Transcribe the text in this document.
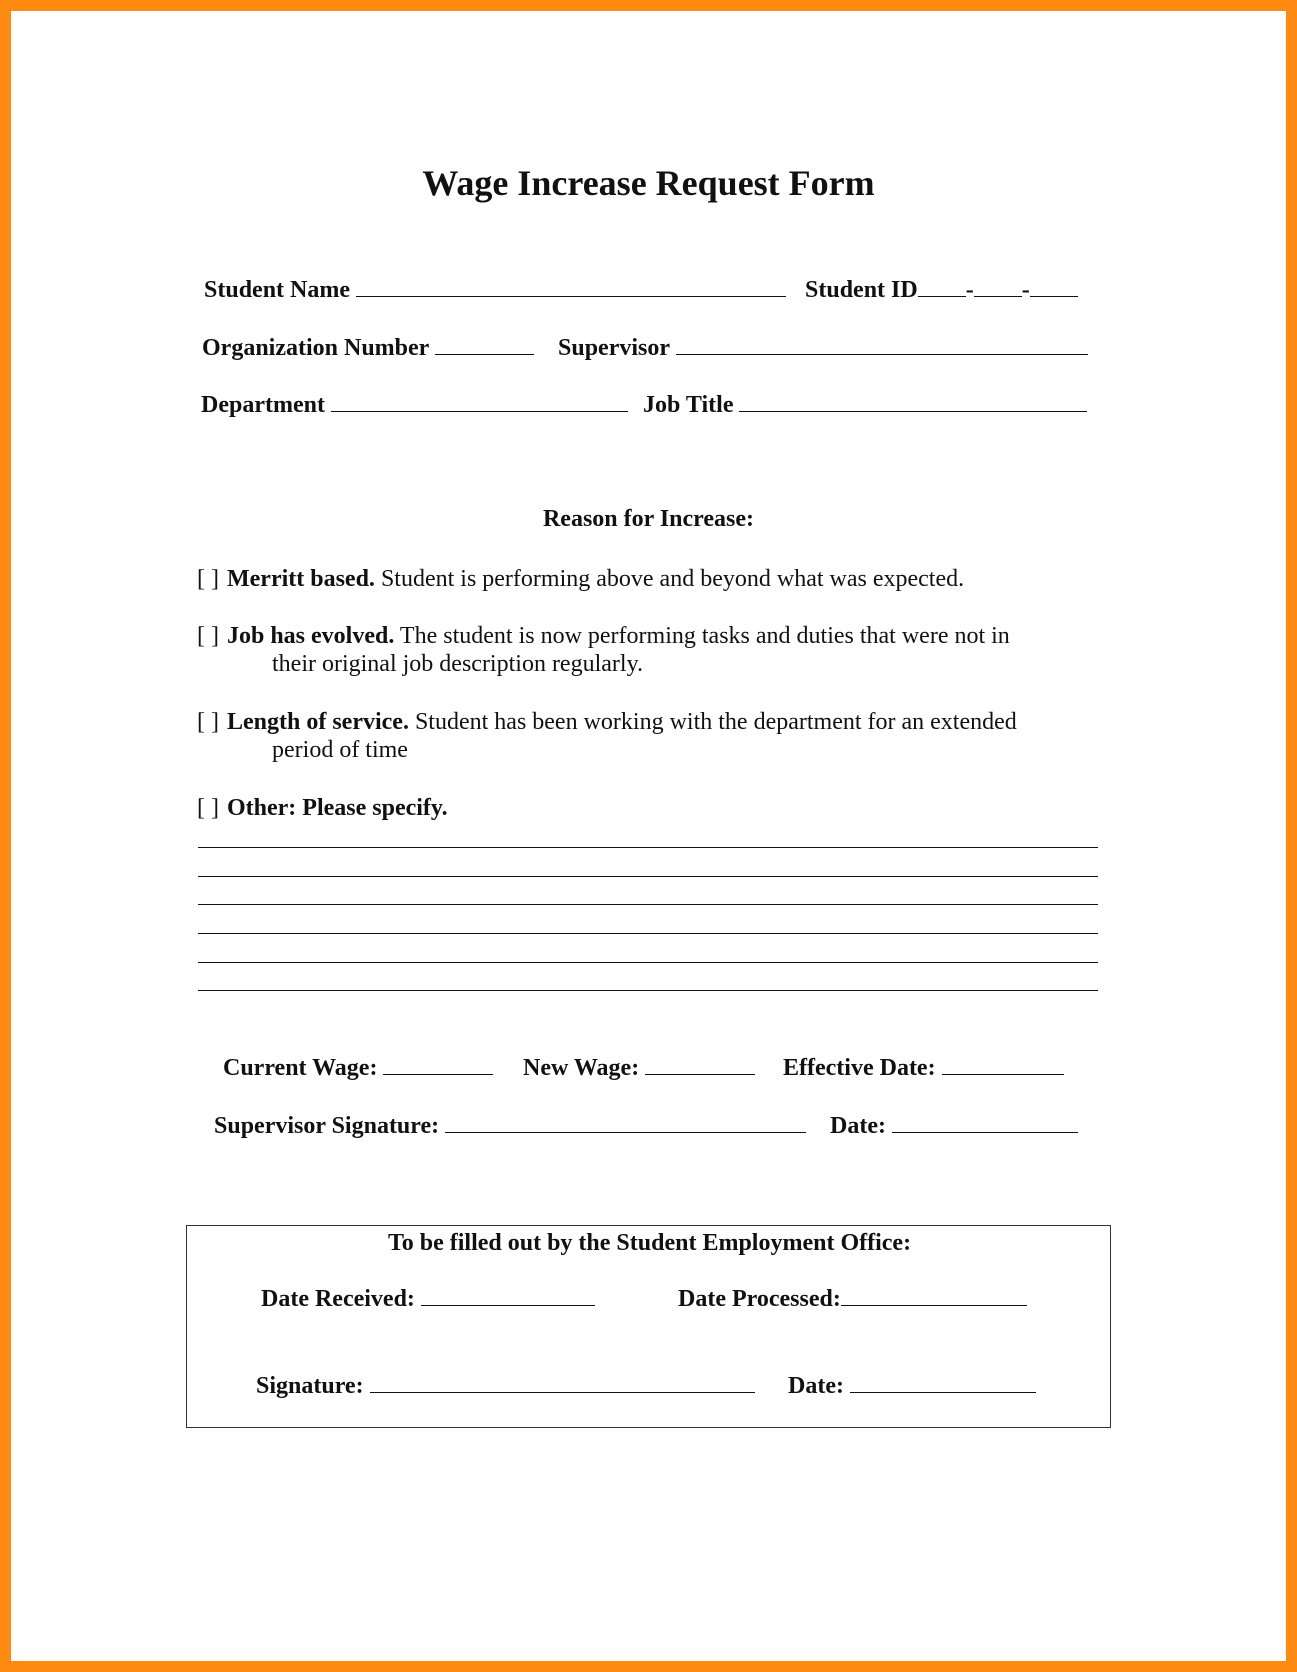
Wage Increase Request Form
Student Name	Student ID - -
Organization Number	Supervisor
Department	Job Title
Reason for Increase:
[ ] Merritt based. Student is performing above and beyond what was expected.
[ ] Job has evolved. The student is now performing tasks and duties that were not in
their original job description regularly.
[ ] Length of service. Student has been working with the department for an extended
period of time
[ ] Other: Please specify.
Current Wage:	New Wage:	Effective Date:
Supervisor Signature:	Date:
To be filled out by the Student Employment Office:
Date Received:	Date Processed:
Signature:	Date:
